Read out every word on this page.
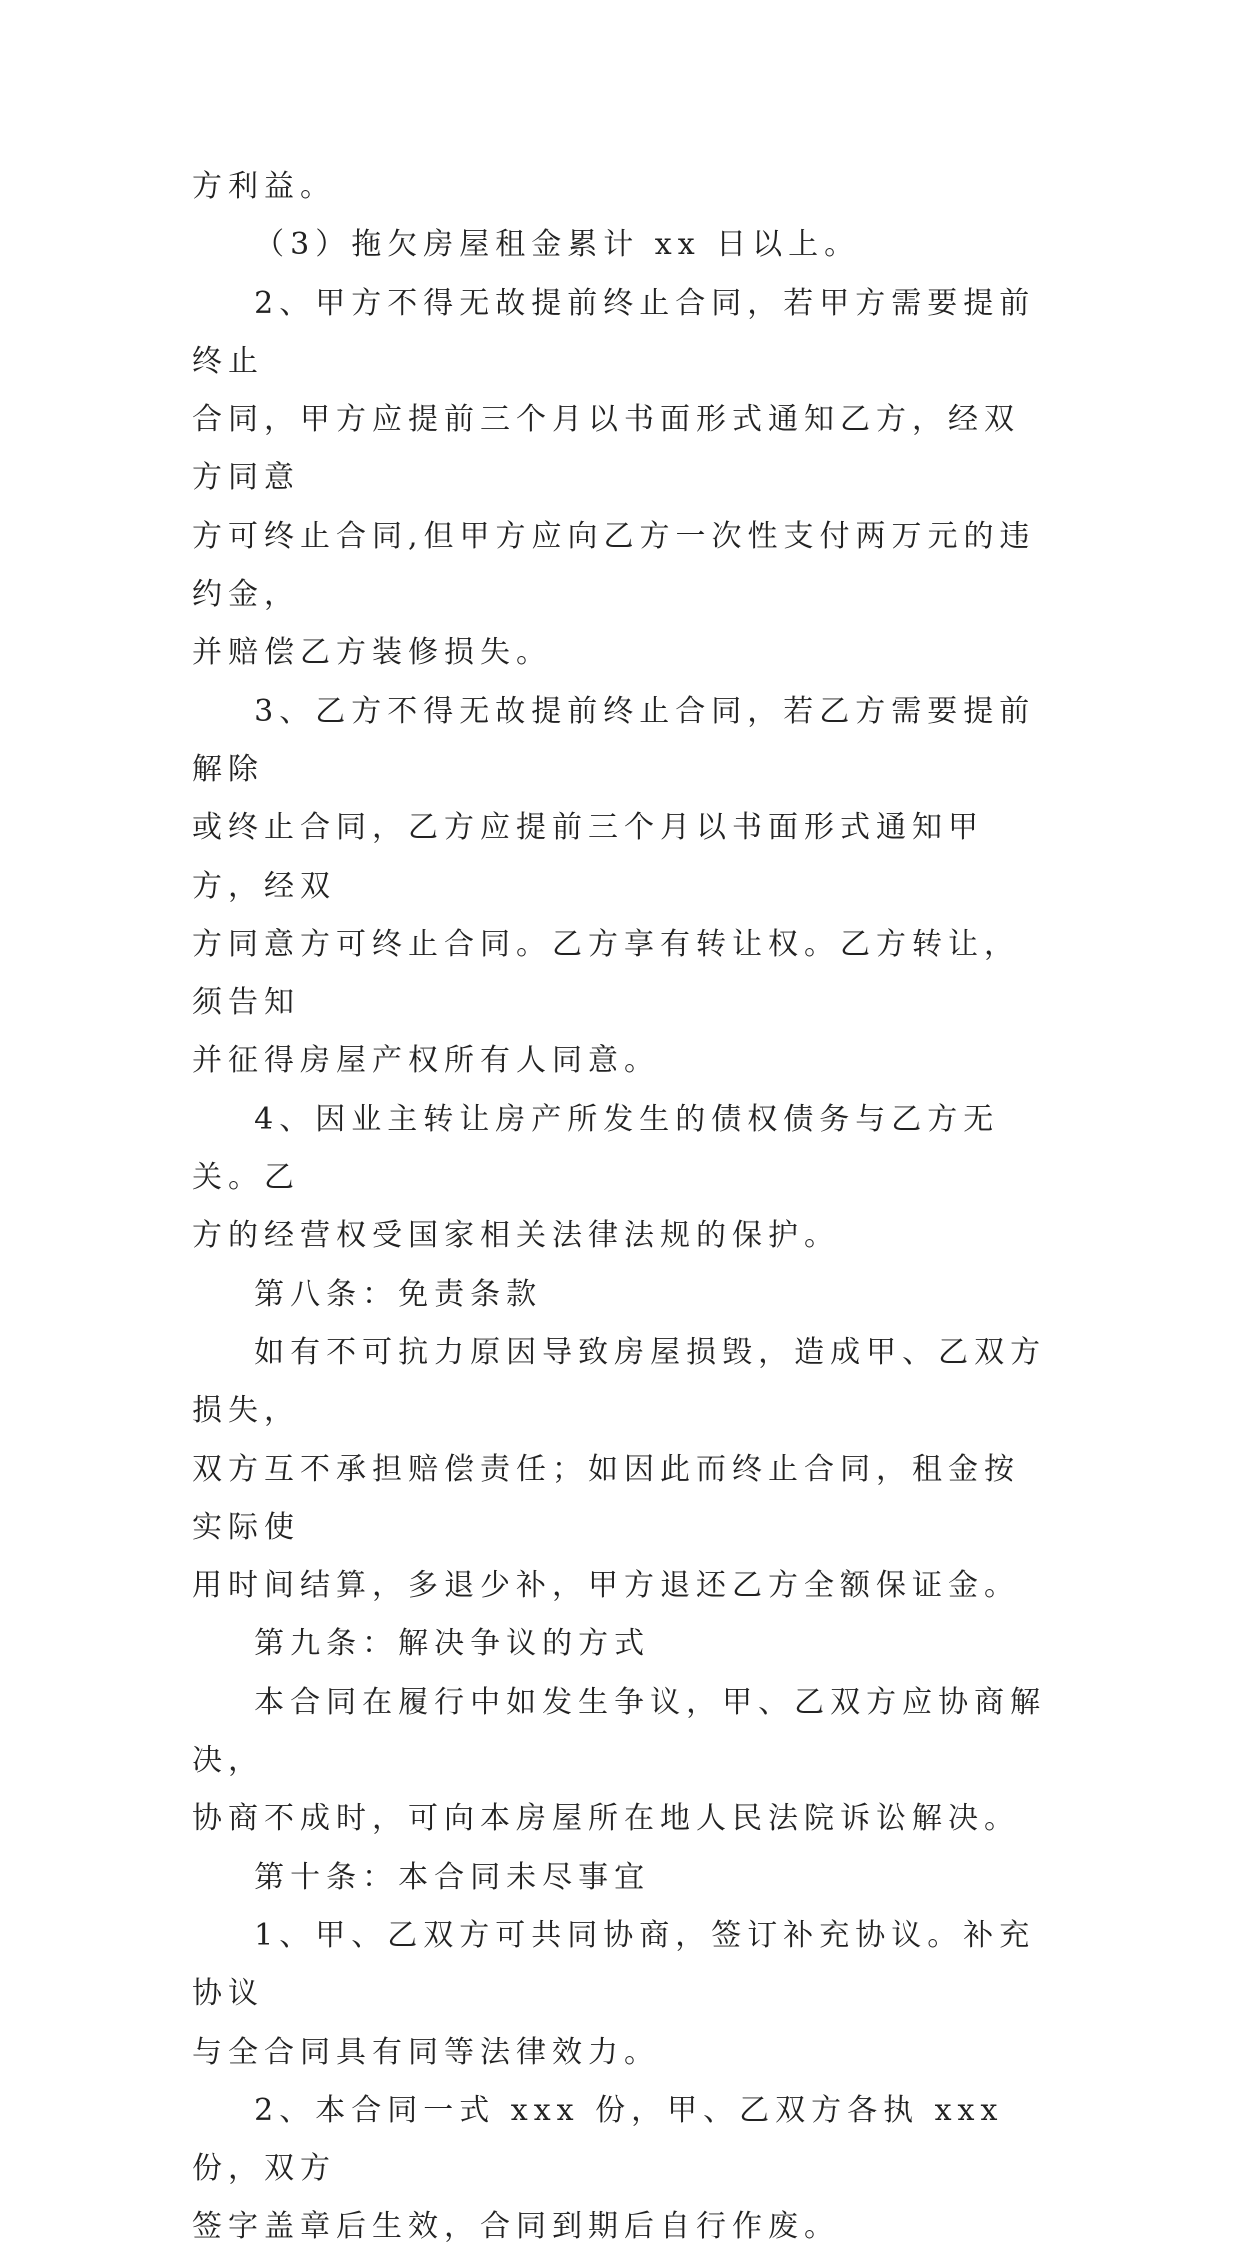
方利益。

（3）拖欠房屋租金累计 xx 日以上。

2、甲方不得无故提前终止合同，若甲方需要提前终止

合同，甲方应提前三个月以书面形式通知乙方，经双方同意

方可终止合同,但甲方应向乙方一次性支付两万元的违约金，

并赔偿乙方装修损失。

3、乙方不得无故提前终止合同，若乙方需要提前解除

或终止合同，乙方应提前三个月以书面形式通知甲方，经双

方同意方可终止合同。乙方享有转让权。乙方转让，须告知

并征得房屋产权所有人同意。

4、因业主转让房产所发生的债权债务与乙方无关。乙

方的经营权受国家相关法律法规的保护。

第八条：免责条款

如有不可抗力原因导致房屋损毁，造成甲、乙双方损失，

双方互不承担赔偿责任；如因此而终止合同，租金按实际使

用时间结算，多退少补，甲方退还乙方全额保证金。

第九条：解决争议的方式

本合同在履行中如发生争议，甲、乙双方应协商解决，

协商不成时，可向本房屋所在地人民法院诉讼解决。

第十条：本合同未尽事宜

1、甲、乙双方可共同协商，签订补充协议。补充协议

与全合同具有同等法律效力。

2、本合同一式 xxx 份，甲、乙双方各执 xxx 份，双方

签字盖章后生效，合同到期后自行作废。
